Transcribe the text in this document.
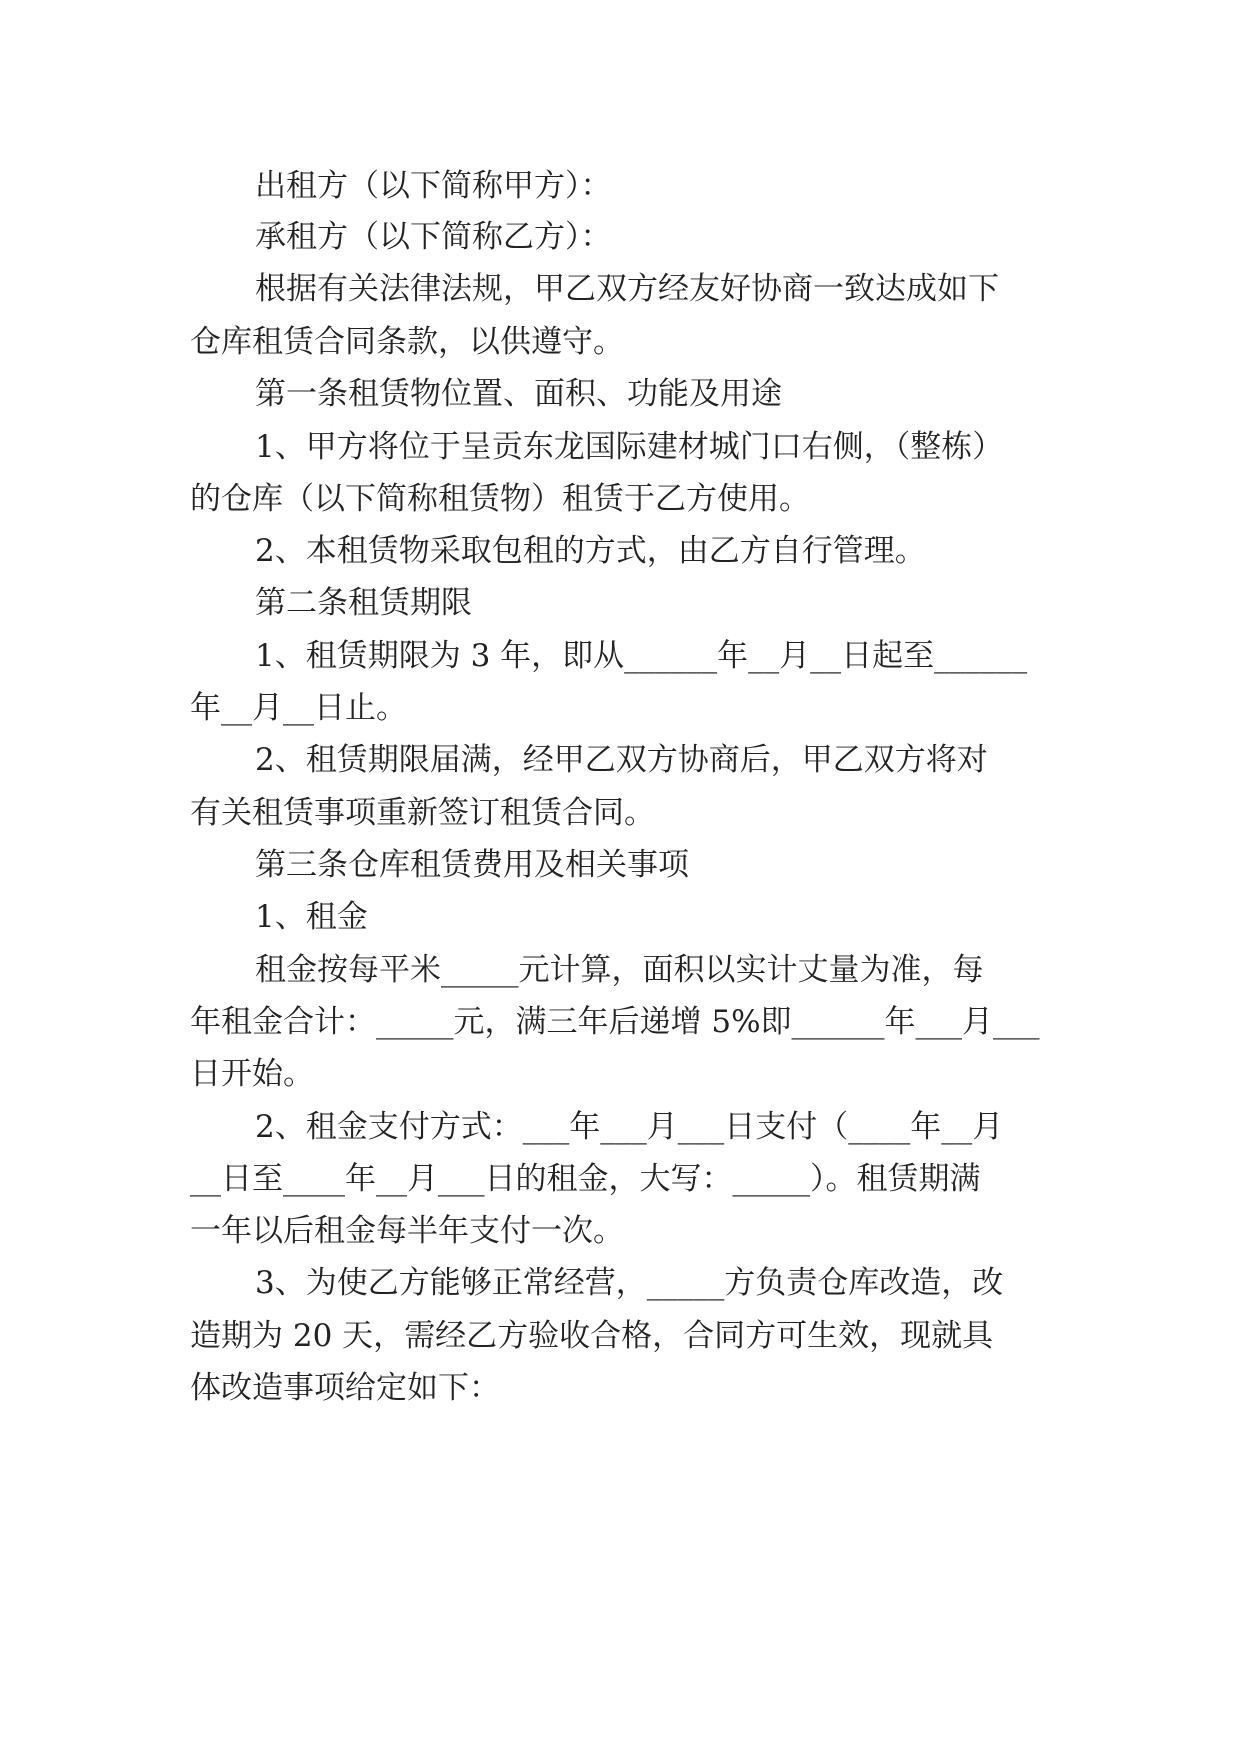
出租方（以下简称甲方）：
承租方（以下简称乙方）：
根据有关法律法规，甲乙双方经友好协商一致达成如下
仓库租赁合同条款，以供遵守。
第一条租赁物位置、面积、功能及用途
1、甲方将位于呈贡东龙国际建材城门口右侧，（整栋）
的仓库（以下简称租赁物）租赁于乙方使用。
2、本租赁物采取包租的方式，由乙方自行管理。
第二条租赁期限
1、租赁期限为 3 年，即从______年__月__日起至______
年__月__日止。
2、租赁期限届满，经甲乙双方协商后，甲乙双方将对
有关租赁事项重新签订租赁合同。
第三条仓库租赁费用及相关事项
1、租金
租金按每平米_____元计算，面积以实计丈量为准，每
年租金合计：_____元，满三年后递增 5%即______年___月___
日开始。
2、租金支付方式：___年___月___日支付（____年__月
__日至____年__月___日的租金，大写：_____）。租赁期满
一年以后租金每半年支付一次。
3、为使乙方能够正常经营，_____方负责仓库改造，改
造期为 20 天，需经乙方验收合格，合同方可生效，现就具
体改造事项给定如下：
